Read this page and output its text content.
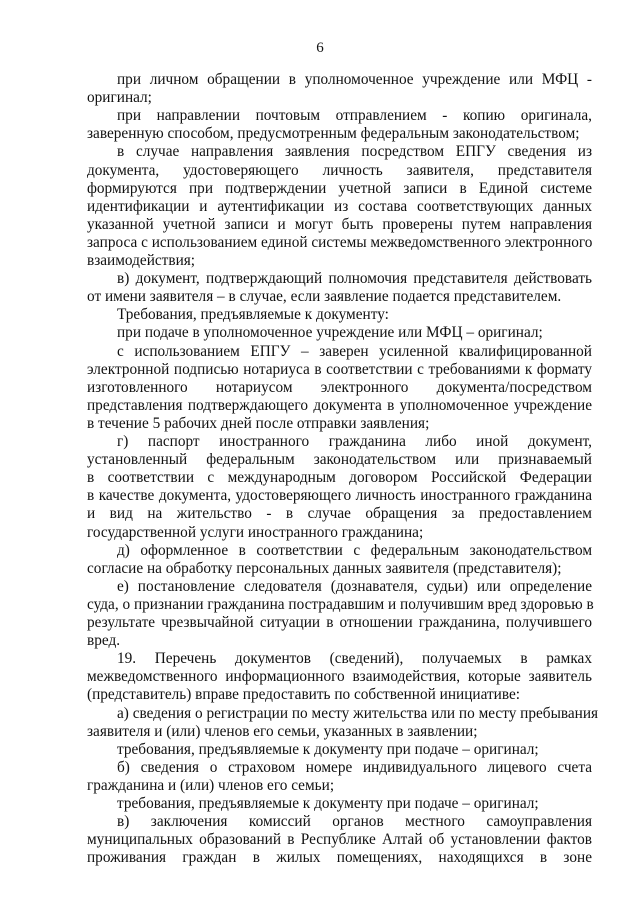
6
при личном обращении в уполномоченное учреждение или МФЦ -
оригинал;
при направлении почтовым отправлением - копию оригинала,
заверенную способом, предусмотренным федеральным законодательством;
в случае направления заявления посредством ЕПГУ сведения из
документа, удостоверяющего личность заявителя, представителя
формируются при подтверждении учетной записи в Единой системе
идентификации и аутентификации из состава соответствующих данных
указанной учетной записи и могут быть проверены путем направления
запроса с использованием единой системы межведомственного электронного
взаимодействия;
в) документ, подтверждающий полномочия представителя действовать
от имени заявителя – в случае, если заявление подается представителем.
Требования, предъявляемые к документу:
при подаче в уполномоченное учреждение или МФЦ – оригинал;
с использованием ЕПГУ – заверен усиленной квалифицированной
электронной подписью нотариуса в соответствии с требованиями к формату
изготовленного нотариусом электронного документа/посредством
представления подтверждающего документа в уполномоченное учреждение
в течение 5 рабочих дней после отправки заявления;
г) паспорт иностранного гражданина либо иной документ,
установленный федеральным законодательством или признаваемый
в соответствии с международным договором Российской Федерации
в качестве документа, удостоверяющего личность иностранного гражданина
и вид на жительство - в случае обращения за предоставлением
государственной услуги иностранного гражданина;
д) оформленное в соответствии с федеральным законодательством
согласие на обработку персональных данных заявителя (представителя);
е) постановление следователя (дознавателя, судьи) или определение
суда, о признании гражданина пострадавшим и получившим вред здоровью в
результате чрезвычайной ситуации в отношении гражданина, получившего
вред.
19. Перечень документов (сведений), получаемых в рамках
межведомственного информационного взаимодействия, которые заявитель
(представитель) вправе предоставить по собственной инициативе:
а) сведения о регистрации по месту жительства или по месту пребывания
заявителя и (или) членов его семьи, указанных в заявлении;
требования, предъявляемые к документу при подаче – оригинал;
б) сведения о страховом номере индивидуального лицевого счета
гражданина и (или) членов его семьи;
требования, предъявляемые к документу при подаче – оригинал;
в) заключения комиссий органов местного самоуправления
муниципальных образований в Республике Алтай об установлении фактов
проживания граждан в жилых помещениях, находящихся в зоне
